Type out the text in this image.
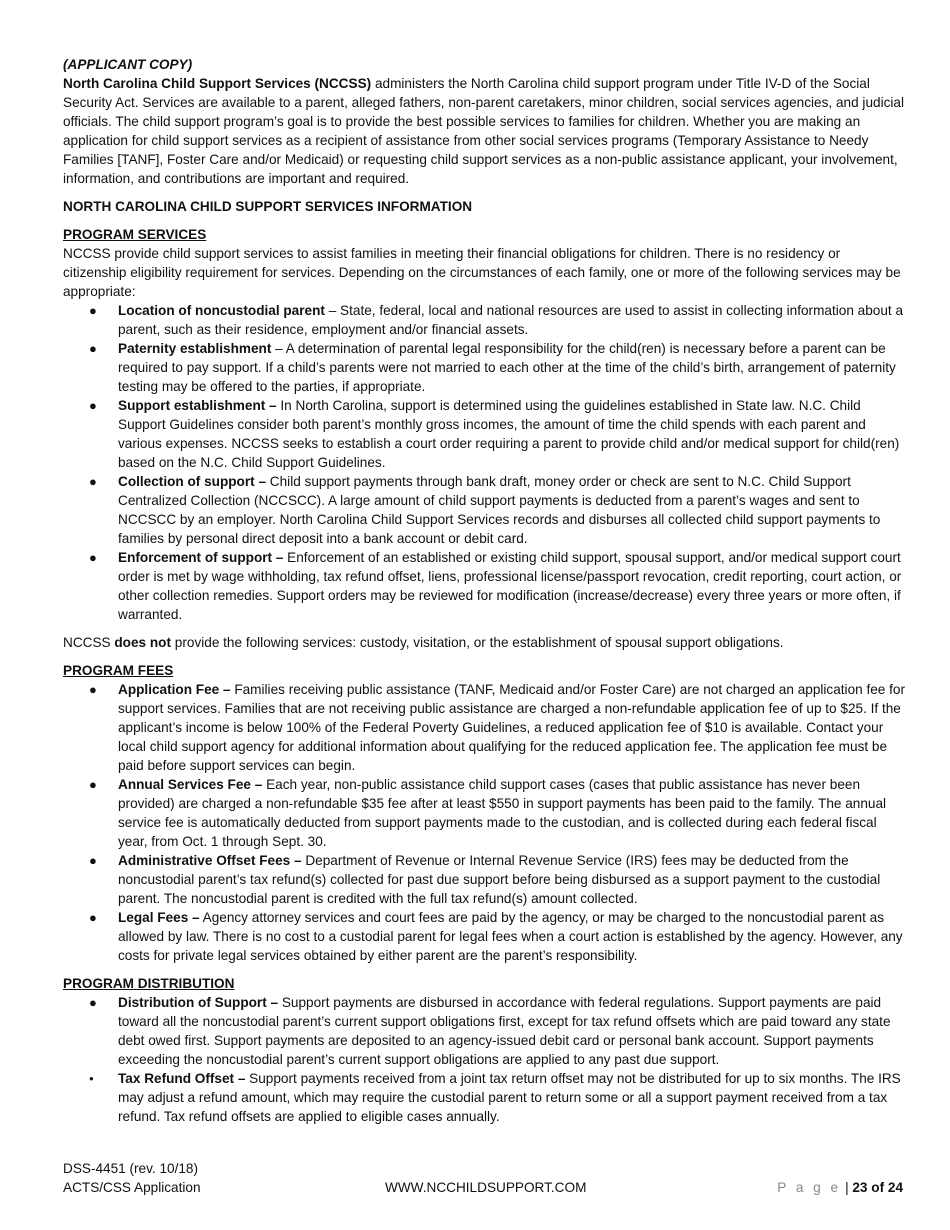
(APPLICANT COPY)

North Carolina Child Support Services (NCCSS) administers the North Carolina child support program under Title IV-D of the Social Security Act. Services are available to a parent, alleged fathers, non-parent caretakers, minor children, social services agencies, and judicial officials. The child support program’s goal is to provide the best possible services to families for children. Whether you are making an application for child support services as a recipient of assistance from other social services programs (Temporary Assistance to Needy Families [TANF], Foster Care and/or Medicaid) or requesting child support services as a non-public assistance applicant, your involvement, information, and contributions are important and required.

NORTH CAROLINA CHILD SUPPORT SERVICES INFORMATION

PROGRAM SERVICES

NCCSS provide child support services to assist families in meeting their financial obligations for children. There is no residency or citizenship eligibility requirement for services. Depending on the circumstances of each family, one or more of the following services may be appropriate:

● Location of noncustodial parent – State, federal, local and national resources are used to assist in collecting information about a parent, such as their residence, employment and/or financial assets.
● Paternity establishment – A determination of parental legal responsibility for the child(ren) is necessary before a parent can be required to pay support. If a child’s parents were not married to each other at the time of the child’s birth, arrangement of paternity testing may be offered to the parties, if appropriate.
● Support establishment – In North Carolina, support is determined using the guidelines established in State law. N.C. Child Support Guidelines consider both parent’s monthly gross incomes, the amount of time the child spends with each parent and various expenses. NCCSS seeks to establish a court order requiring a parent to provide child and/or medical support for child(ren) based on the N.C. Child Support Guidelines.
● Collection of support – Child support payments through bank draft, money order or check are sent to N.C. Child Support Centralized Collection (NCCSCC). A large amount of child support payments is deducted from a parent’s wages and sent to NCCSCC by an employer. North Carolina Child Support Services records and disburses all collected child support payments to families by personal direct deposit into a bank account or debit card.
● Enforcement of support – Enforcement of an established or existing child support, spousal support, and/or medical support court order is met by wage withholding, tax refund offset, liens, professional license/passport revocation, credit reporting, court action, or other collection remedies. Support orders may be reviewed for modification (increase/decrease) every three years or more often, if warranted.

NCCSS does not provide the following services: custody, visitation, or the establishment of spousal support obligations.

PROGRAM FEES

● Application Fee – Families receiving public assistance (TANF, Medicaid and/or Foster Care) are not charged an application fee for support services. Families that are not receiving public assistance are charged a non-refundable application fee of up to $25. If the applicant’s income is below 100% of the Federal Poverty Guidelines, a reduced application fee of $10 is available. Contact your local child support agency for additional information about qualifying for the reduced application fee. The application fee must be paid before support services can begin.
● Annual Services Fee – Each year, non-public assistance child support cases (cases that public assistance has never been provided) are charged a non-refundable $35 fee after at least $550 in support payments has been paid to the family. The annual service fee is automatically deducted from support payments made to the custodian, and is collected during each federal fiscal year, from Oct. 1 through Sept. 30.
● Administrative Offset Fees – Department of Revenue or Internal Revenue Service (IRS) fees may be deducted from the noncustodial parent’s tax refund(s) collected for past due support before being disbursed as a support payment to the custodial parent. The noncustodial parent is credited with the full tax refund(s) amount collected.
● Legal Fees – Agency attorney services and court fees are paid by the agency, or may be charged to the noncustodial parent as allowed by law. There is no cost to a custodial parent for legal fees when a court action is established by the agency. However, any costs for private legal services obtained by either parent are the parent’s responsibility.

PROGRAM DISTRIBUTION

● Distribution of Support – Support payments are disbursed in accordance with federal regulations. Support payments are paid toward all the noncustodial parent’s current support obligations first, except for tax refund offsets which are paid toward any state debt owed first. Support payments are deposited to an agency-issued debit card or personal bank account. Support payments exceeding the noncustodial parent’s current support obligations are applied to any past due support.
● Tax Refund Offset – Support payments received from a joint tax return offset may not be distributed for up to six months. The IRS may adjust a refund amount, which may require the custodial parent to return some or all a support payment received from a tax refund. Tax refund offsets are applied to eligible cases annually.
DSS-4451 (rev. 10/18)
ACTS/CSS Application	WWW.NCCHILDSUPPORT.COM	P a g e | 23 of 24
